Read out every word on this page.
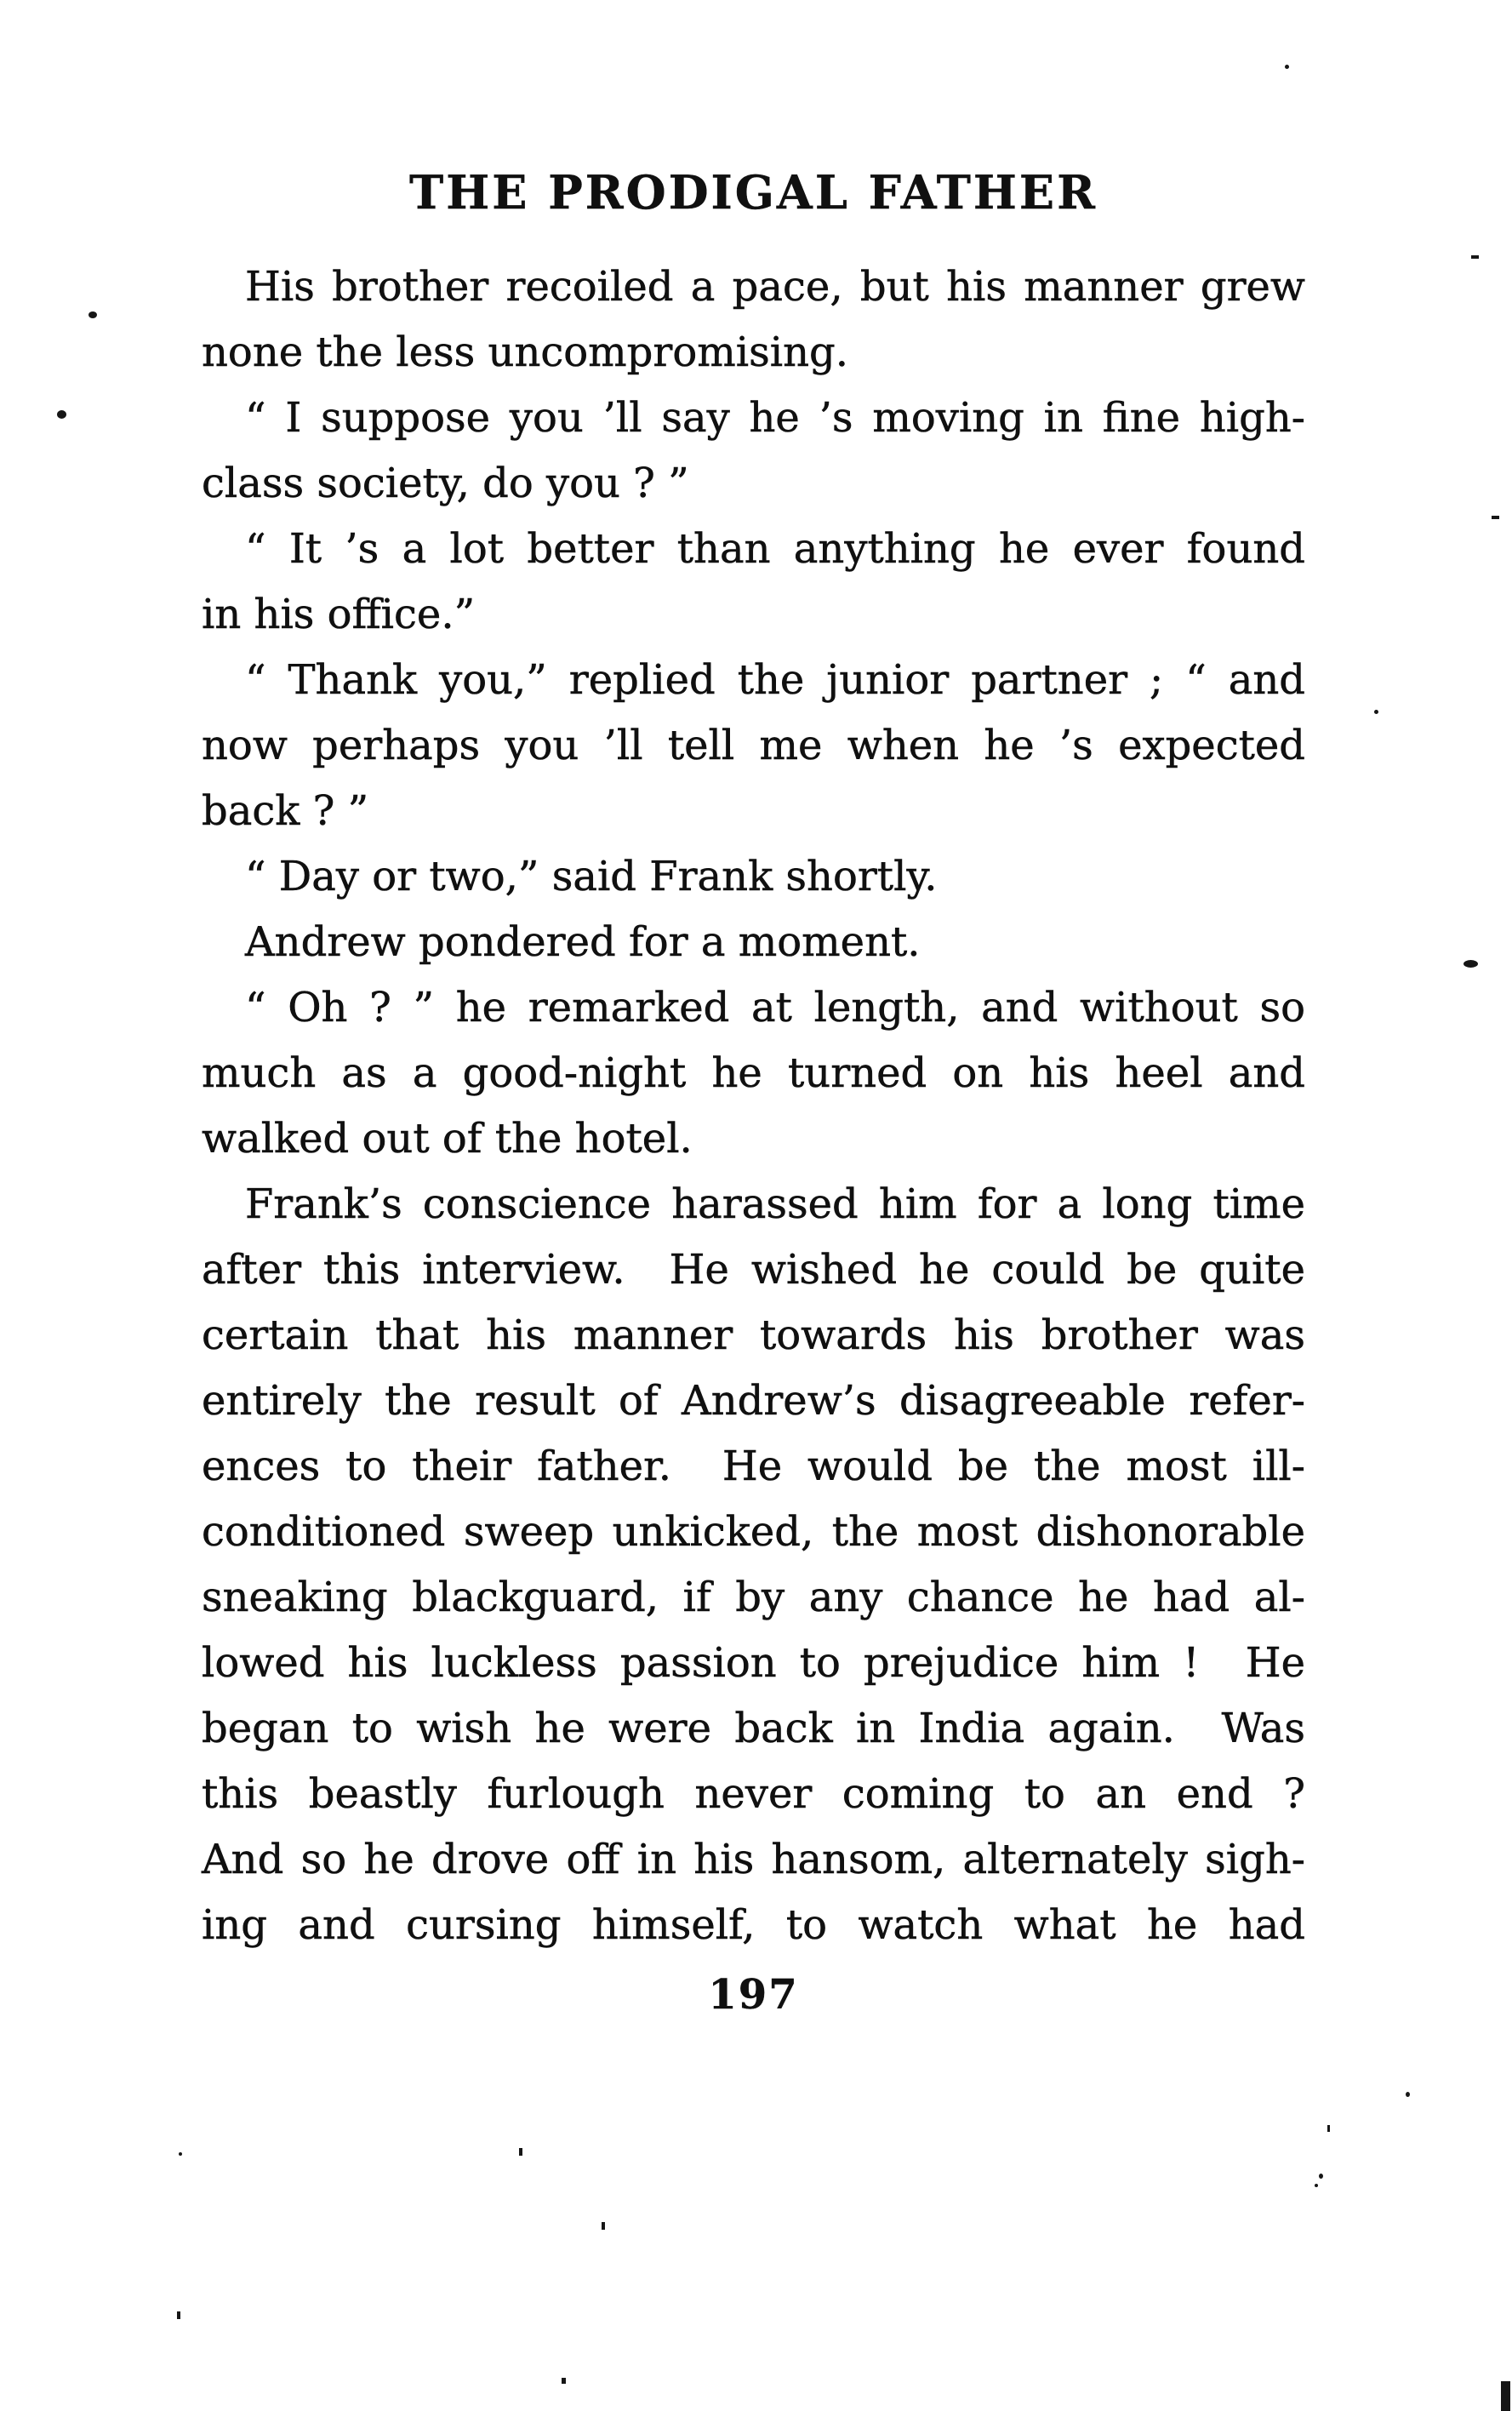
THE PRODIGAL FATHER
His brother recoiled a pace, but his manner grew
none the less uncompromising.
“ I suppose you ’ll say he ’s moving in fine high-
class society, do you ? ”
“ It ’s a lot better than anything he ever found
in his office.”
“ Thank you,” replied the junior partner ; “ and
now perhaps you ’ll tell me when he ’s expected
back ? ”
“ Day or two,” said Frank shortly.
Andrew pondered for a moment.
“ Oh ? ” he remarked at length, and without so
much as a good-night he turned on his heel and
walked out of the hotel.
Frank’s conscience harassed him for a long time
after this interview.  He wished he could be quite
certain that his manner towards his brother was
entirely the result of Andrew’s disagreeable refer-
ences to their father.  He would be the most ill-
conditioned sweep unkicked, the most dishonorable
sneaking blackguard, if by any chance he had al-
lowed his luckless passion to prejudice him !  He
began to wish he were back in India again.  Was
this beastly furlough never coming to an end ?
And so he drove off in his hansom, alternately sigh-
ing and cursing himself, to watch what he had
197
